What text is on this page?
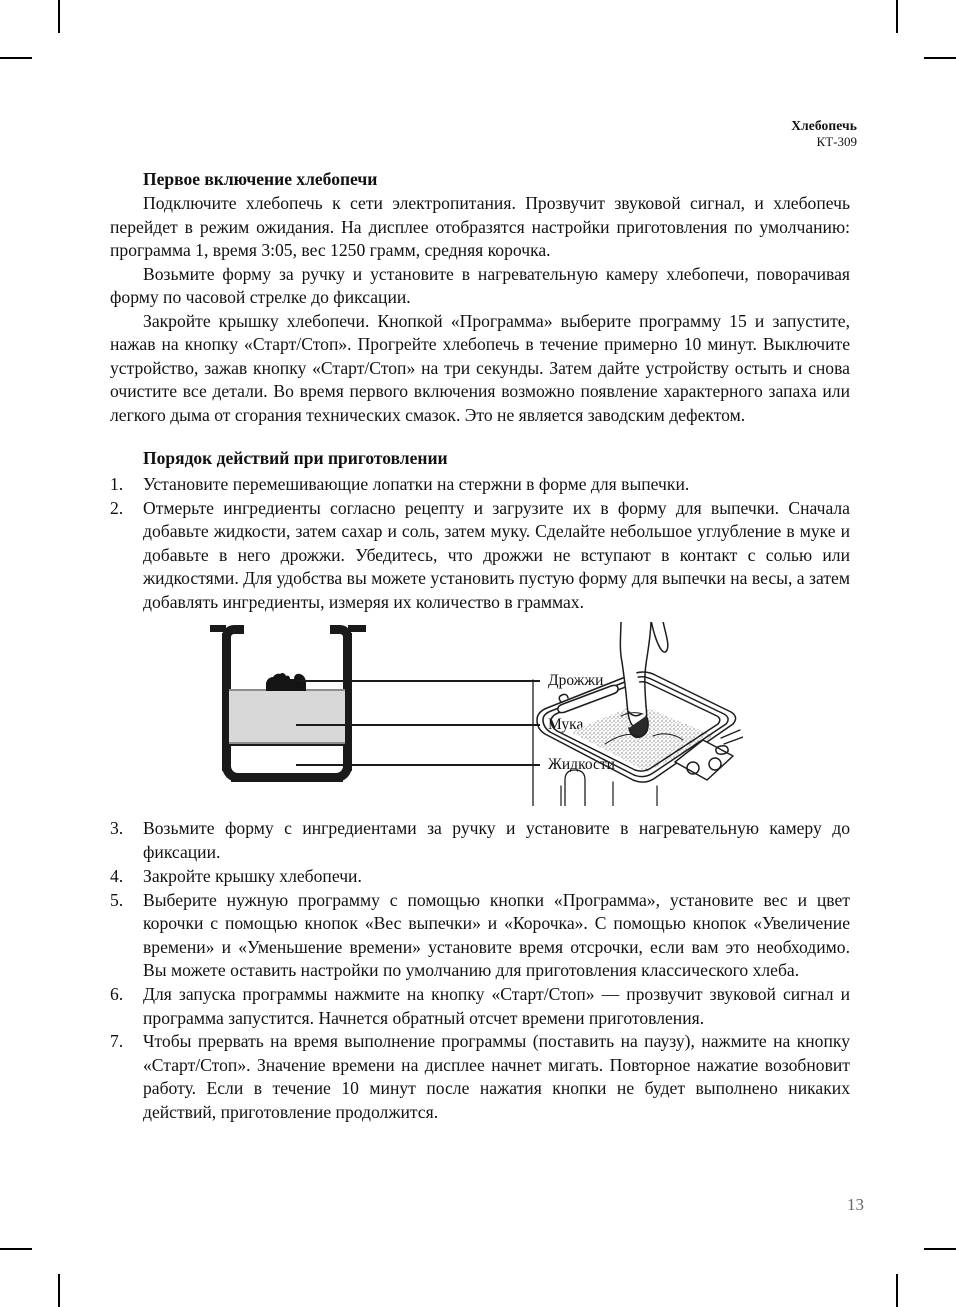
Хлебопечь
КТ-309
Первое включение хлебопечи

Подключите хлебопечь к сети электропитания. Прозвучит звуковой сигнал, и хлебопечь перейдет в режим ожидания. На дисплее отобразятся настройки приготовления по умолчанию: программа 1, время 3:05, вес 1250 грамм, средняя корочка.

Возьмите форму за ручку и установите в нагревательную камеру хлебопечи, поворачивая форму по часовой стрелке до фиксации.

Закройте крышку хлебопечи. Кнопкой «Программа» выберите программу 15 и запустите, нажав на кнопку «Старт/Стоп». Прогрейте хлебопечь в течение примерно 10 минут. Выключите устройство, зажав кнопку «Старт/Стоп» на три секунды. Затем дайте устройству остыть и снова очистите все детали. Во время первого включения возможно появление характерного запаха или легкого дыма от сгорания технических смазок. Это не является заводским дефектом.

Порядок действий при приготовлении
1.	Установите перемешивающие лопатки на стержни в форме для выпечки.
2.	Отмерьте ингредиенты согласно рецепту и загрузите их в форму для выпечки. Сначала добавьте жидкости, затем сахар и соль, затем муку. Сделайте небольшое углубление в муке и добавьте в него дрожжи. Убедитесь, что дрожжи не вступают в контакт с солью или жидкостями. Для удобства вы можете установить пустую форму для выпечки на весы, а затем добавлять ингредиенты, измеряя их количество в граммах.
Дрожжи
Мука
Жидкости
3.	Возьмите форму с ингредиентами за ручку и установите в нагревательную камеру до фиксации.
4.	Закройте крышку хлебопечи.
5.	Выберите нужную программу с помощью кнопки «Программа», установите вес и цвет корочки с помощью кнопок «Вес выпечки» и «Корочка». С помощью кнопок «Увеличение времени» и «Уменьшение времени» установите время отсрочки, если вам это необходимо. Вы можете оставить настройки по умолчанию для приготовления классического хлеба.
6.	Для запуска программы нажмите на кнопку «Старт/Стоп» — прозвучит звуковой сигнал и программа запустится. Начнется обратный отсчет времени приготовления.
7.	Чтобы прервать на время выполнение программы (поставить на паузу), нажмите на кнопку «Старт/Стоп». Значение времени на дисплее начнет мигать. Повторное нажатие возобновит работу. Если в течение 10 минут после нажатия кнопки не будет выполнено никаких действий, приготовление продолжится.
13
